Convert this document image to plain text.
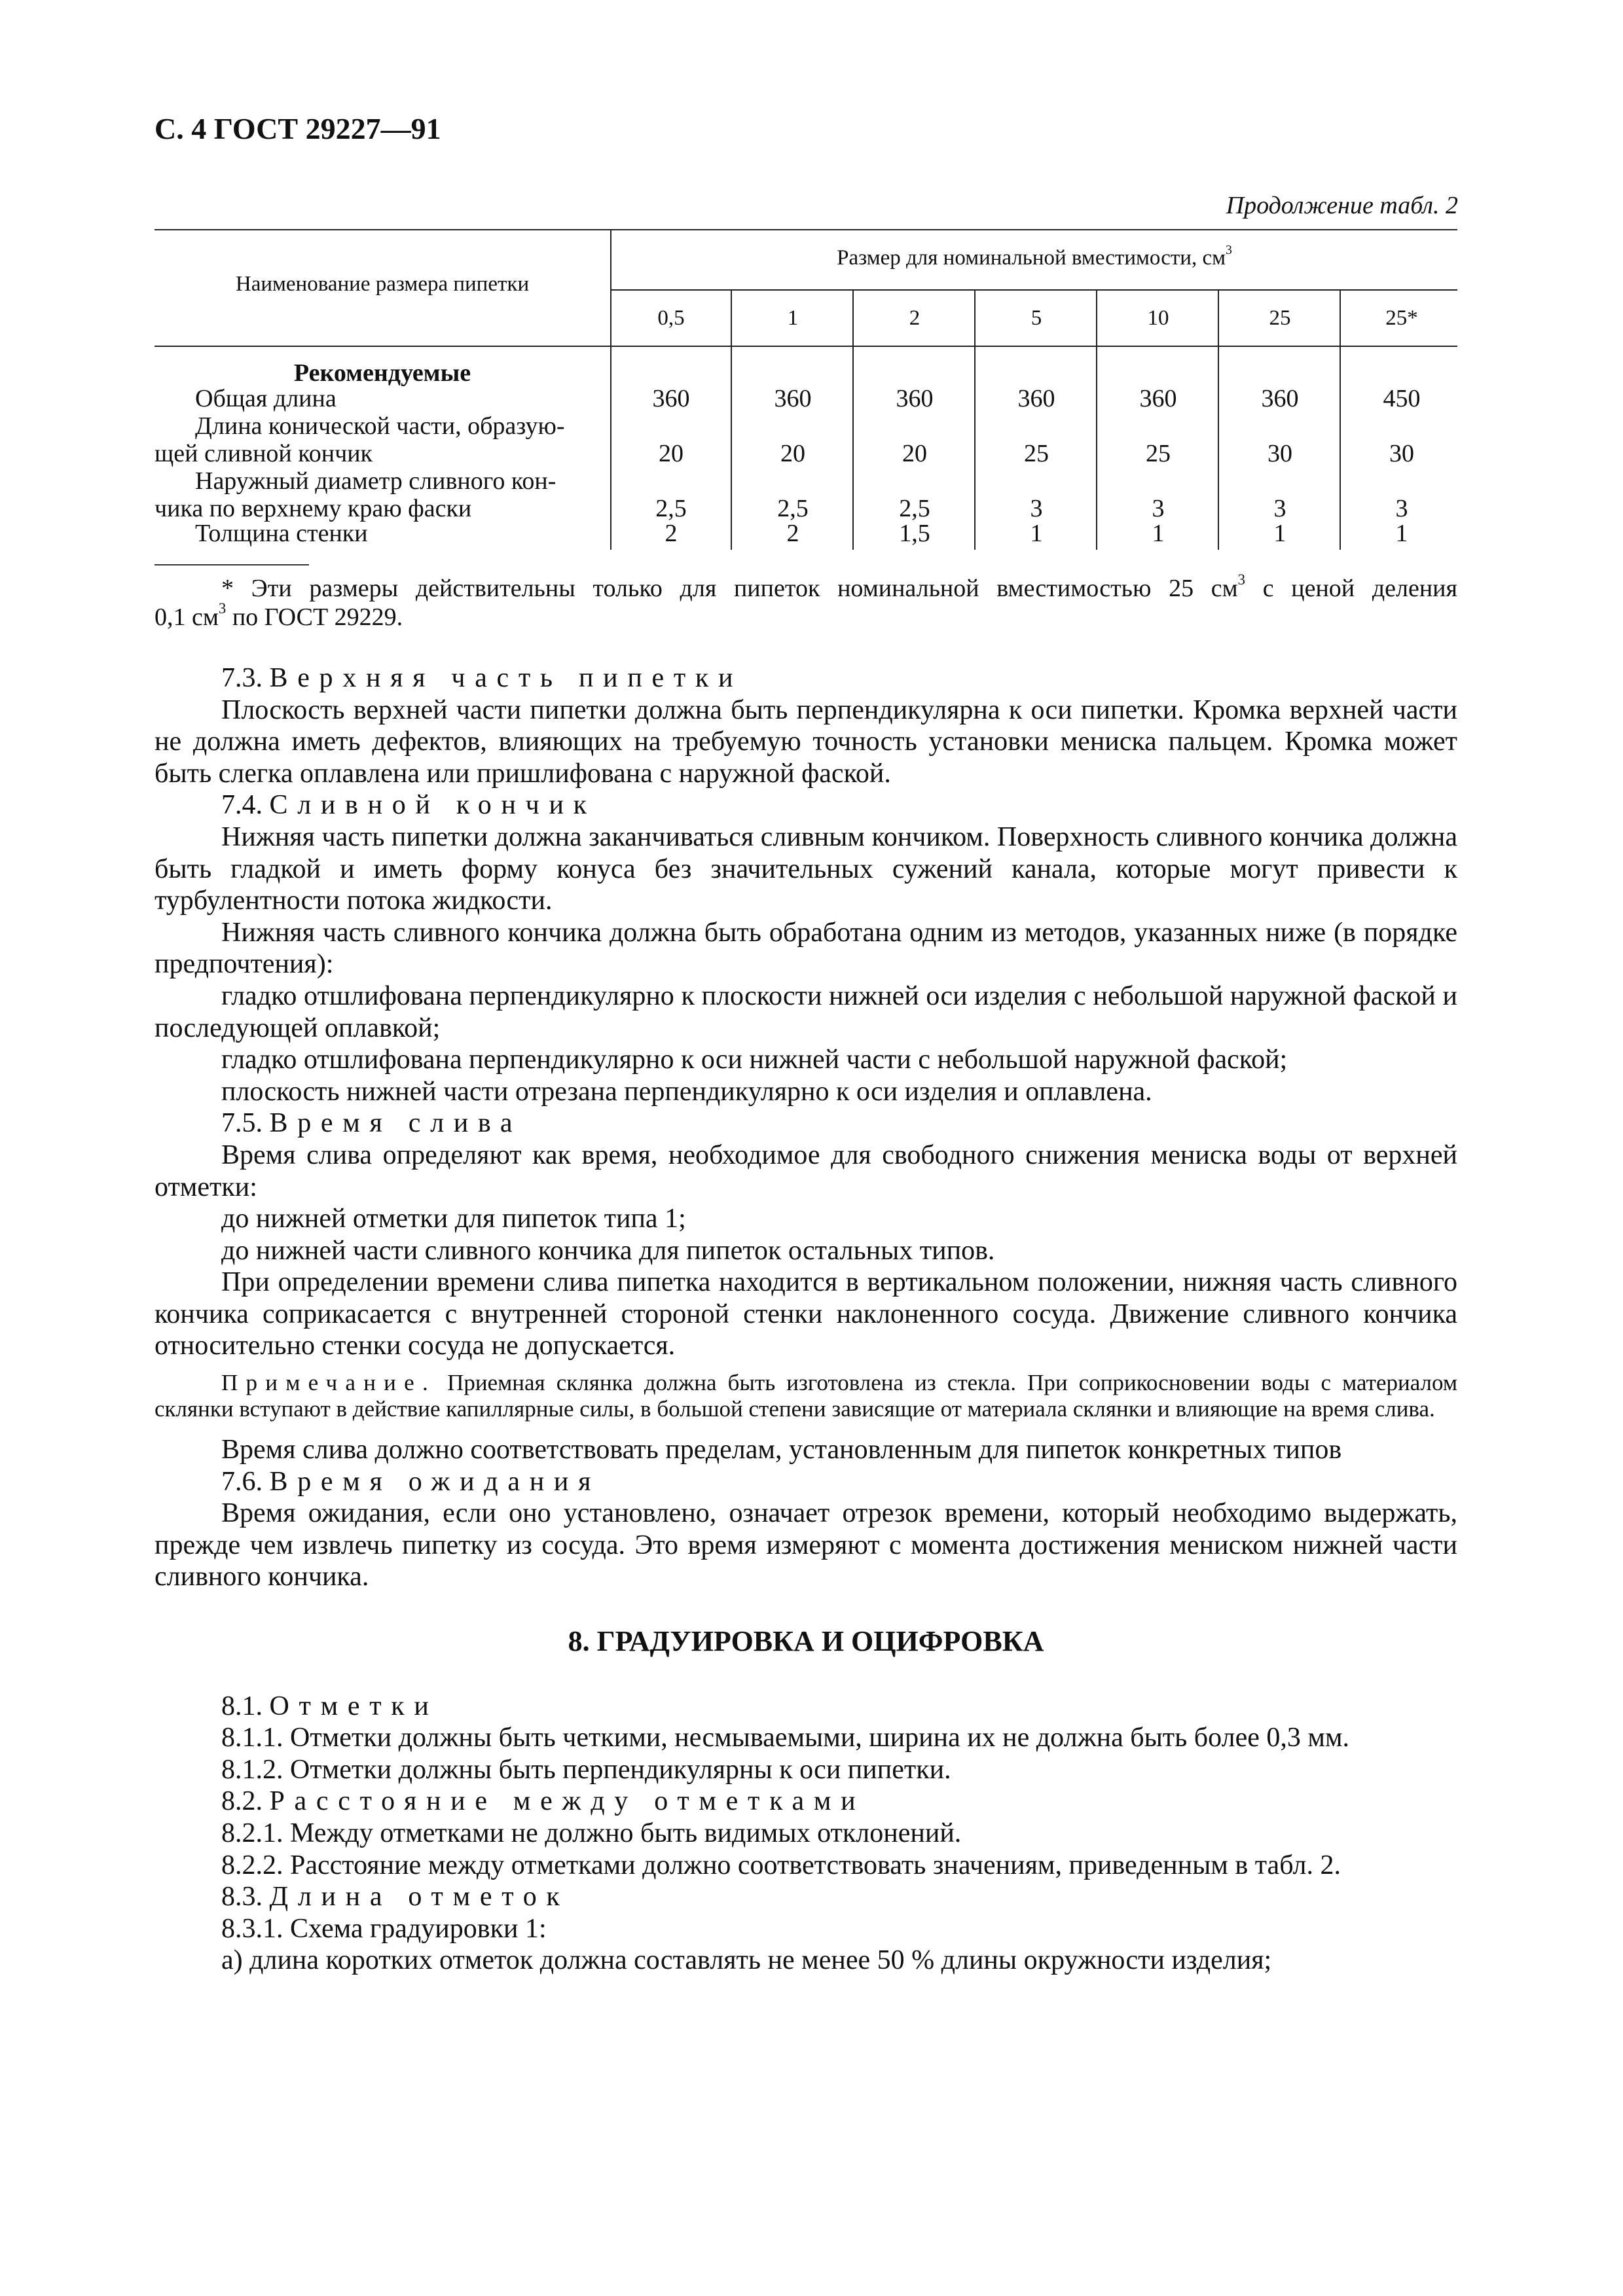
С. 4 ГОСТ 29227—91
Продолжение табл. 2
Наименование размера пипетки
Размер для номинальной вместимости, $см^3$
0,5	1	2	5	10	25	25*
Рекомендуемые
Общая длина	360	360	360	360	360	360	450
Длина конической части, образую-
щей сливной кончик	20	20	20	25	25	30	30
Наружный диаметр сливного кон-
чика по верхнему краю фаски	2,5	2,5	2,5	3	3	3	3
Толщина стенки	2	2	1,5	1	1	1	1
* Эти размеры действительны только для пипеток номинальной вместимостью 25 $см^3$ с ценой деления
0,1 $см^3$ по ГОСТ 29229.

7.3. Верхняя часть пипетки

Плоскость верхней части пипетки должна быть перпендикулярна к оси пипетки. Кромка верхней части не должна иметь дефектов, влияющих на требуемую точность установки мениска пальцем. Кромка может быть слегка оплавлена или пришлифована с наружной фаской.

7.4. Сливной кончик

Нижняя часть пипетки должна заканчиваться сливным кончиком. Поверхность сливного кончика должна быть гладкой и иметь форму конуса без значительных сужений канала, которые могут привести к турбулентности потока жидкости.

Нижняя часть сливного кончика должна быть обработана одним из методов, указанных ниже (в порядке предпочтения):

гладко отшлифована перпендикулярно к плоскости нижней оси изделия с небольшой наружной фаской и последующей оплавкой;

гладко отшлифована перпендикулярно к оси нижней части с небольшой наружной фаской;

плоскость нижней части отрезана перпендикулярно к оси изделия и оплавлена.

7.5. Время слива

Время слива определяют как время, необходимое для свободного снижения мениска воды от верхней отметки:

до нижней отметки для пипеток типа 1;

до нижней части сливного кончика для пипеток остальных типов.

При определении времени слива пипетка находится в вертикальном положении, нижняя часть сливного кончика соприкасается с внутренней стороной стенки наклоненного сосуда. Движение сливного кончика относительно стенки сосуда не допускается.

Примечание. Приемная склянка должна быть изготовлена из стекла. При соприкосновении воды с материалом склянки вступают в действие капиллярные силы, в большой степени зависящие от материала склянки и влияющие на время слива.

Время слива должно соответствовать пределам, установленным для пипеток конкретных типов

7.6. Время ожидания

Время ожидания, если оно установлено, означает отрезок времени, который необходимо выдержать, прежде чем извлечь пипетку из сосуда. Это время измеряют с момента достижения мениском нижней части сливного кончика.

8. ГРАДУИРОВКА И ОЦИФРОВКА

8.1. Отметки

8.1.1. Отметки должны быть четкими, несмываемыми, ширина их не должна быть более 0,3 мм.

8.1.2. Отметки должны быть перпендикулярны к оси пипетки.

8.2. Расстояние между отметками

8.2.1. Между отметками не должно быть видимых отклонений.

8.2.2. Расстояние между отметками должно соответствовать значениям, приведенным в табл. 2.

8.3. Длина отметок

8.3.1. Схема градуировки 1:

а) длина коротких отметок должна составлять не менее 50 % длины окружности изделия;
